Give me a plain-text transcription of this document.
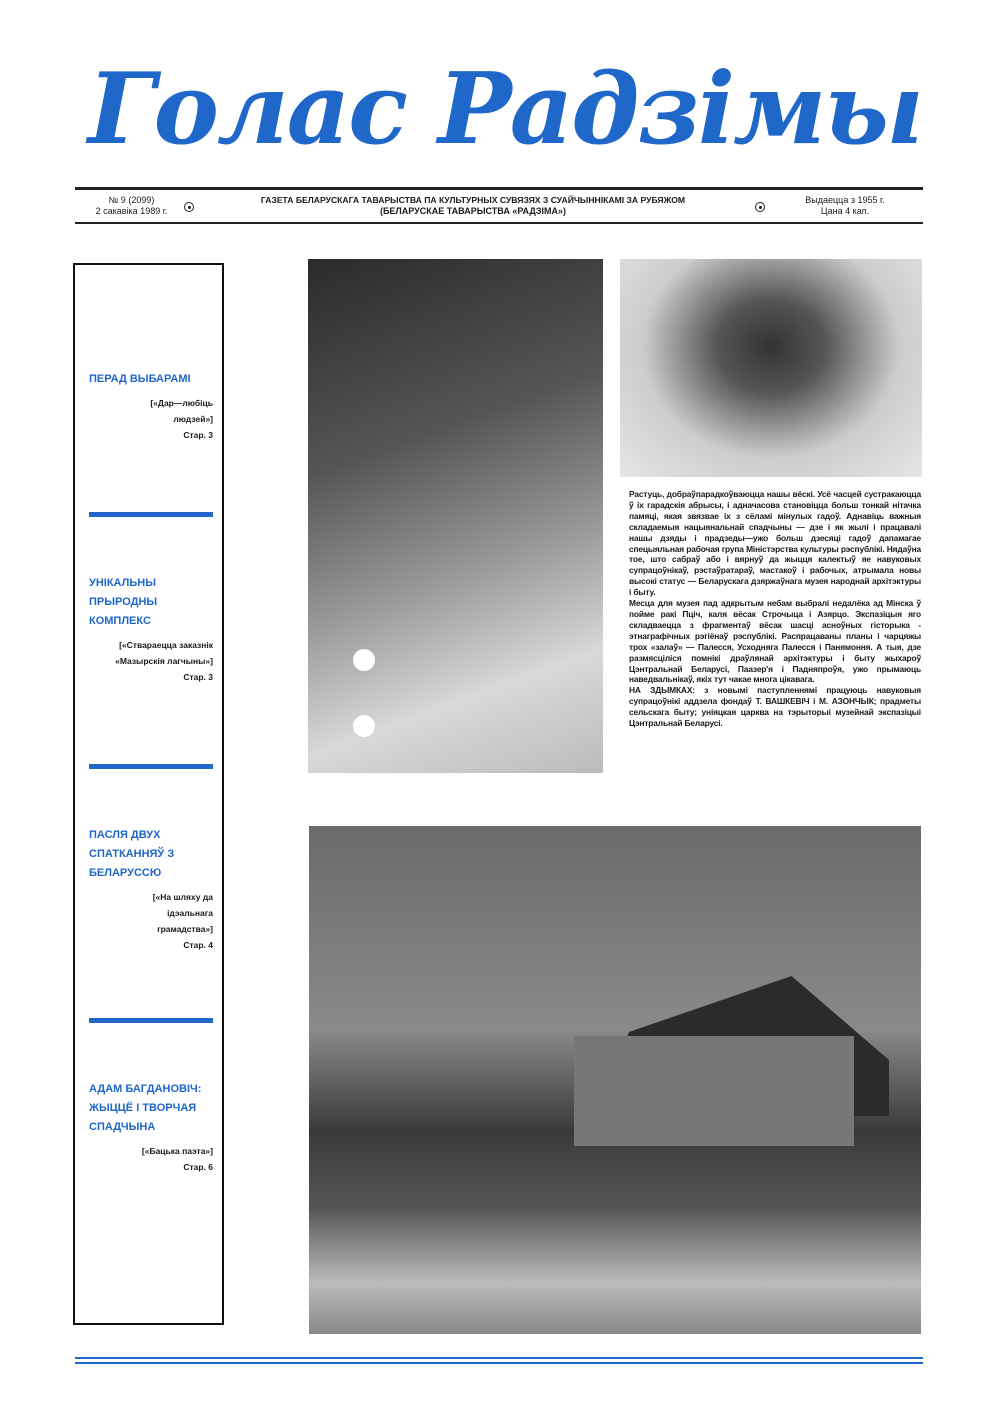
Голас Радзімы
№ 9 (2099)
2 сакавіка 1989 г.
ГАЗЕТА БЕЛАРУСКАГА ТАВАРЫСТВА ПА КУЛЬТУРНЫХ СУВЯЗЯХ З СУАЙЧЫННІКАМІ ЗА РУБЯЖОМ
(БЕЛАРУСКАЕ ТАВАРЫСТВА «РАДЗІМА»)
Выдаецца з 1955 г.
Цана 4 кап.
ПЕРАД ВЫБАРАМІ
[«Дар—любіць людзей»]
Стар. 3
УНІКАЛЬНЫ ПРЫРОДНЫ КОМПЛЕКС
[«Ствараецца заказнік «Мазырскія лагчыны»]
Стар. 3
ПАСЛЯ ДВУХ СПАТКАННЯЎ З БЕЛАРУССЮ
[«На шляху да ідэальнага грамадства»]
Стар. 4
АДАМ БАГДАНОВІЧ: ЖЫЦЦЁ І ТВОРЧАЯ СПАДЧЫНА
[«Бацька паэта»]
Стар. 6

Растуць, добраўпарадкоўваюцца нашы вёскі. Усё часцей сустракаюцца ў іх гарадскія абрысы, і адначасова становіцца больш тонкай нітачка памяці, якая звязвае іх з сёламі мінулых гадоў. Аднавіць важныя складаемыя нацыянальнай спадчыны — дзе і як жылі і працавалі нашы дзяды і прадзеды—ужо больш дзесяці гадоў дапамагае спецыяльная рабочая група Міністэрства культуры рэспублікі. Нядаўна тое, што сабраў або і вярнуў да жыцця калектыў яе навуковых супрацоўнікаў, рэстаўратараў, мастакоў і рабочых, атрымала новы высокі статус — Беларускага дзяржаўнага музея народнай архітэктуры і быту.

Месца для музея пад адкрытым небам выбралі недалёка ад Мінска ў пойме ракі Пціч, каля вёсак Строчыца і Азярцо. Экспазіцыя яго складваецца з фрагментаў вёсак шасці асноўных гісторыка - этнаграфічных рэгіёнаў рэспублікі. Распрацаваны планы і чарцяжы трох «залаў» — Палесся, Усходняга Палесся і Панямоння. А тыя, дзе размясціліся помнікі драўлянай архітэктуры і быту жыхароў Цэнтральнай Беларусі, Паазер'я і Падняпроўя, ужо прымаюць наведвальнікаў, якіх тут чакае многа цікавага.

НА ЗДЫМКАХ: з новымі паступленнямі працуюць навуковыя супрацоўнікі аддзела фондаў Т. ВАШКЕВІЧ і М. АЗОНЧЫК; прадметы сельскага быту; уніяцкая царква на тэрыторыі музейнай экспазіцыі Цэнтральнай Беларусі.
